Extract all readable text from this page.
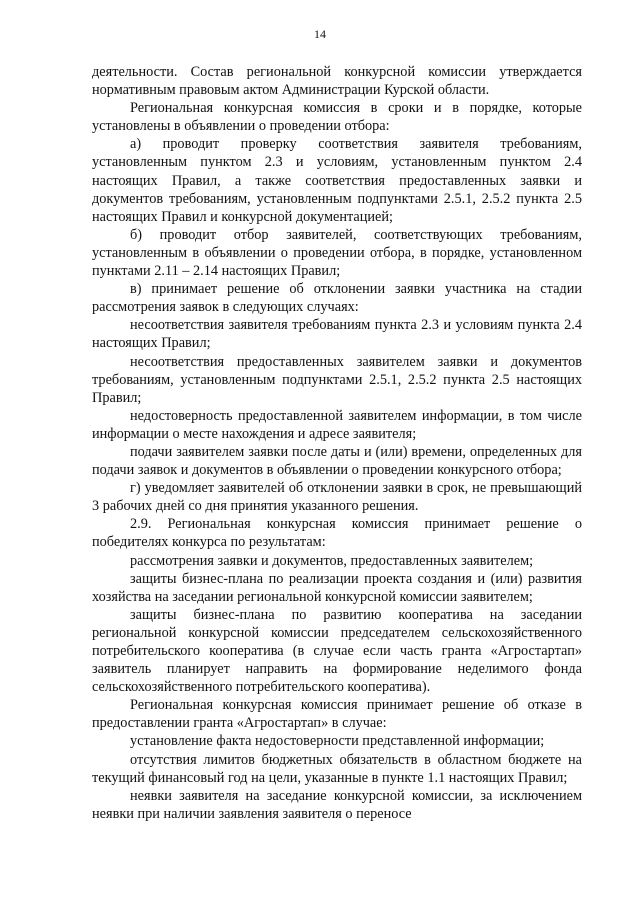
14

деятельности. Состав региональной конкурсной комиссии утверждается нормативным правовым актом Администрации Курской области.

Региональная конкурсная комиссия в сроки и в порядке, которые установлены в объявлении о проведении отбора:

а) проводит проверку соответствия заявителя требованиям, установленным пунктом 2.3 и условиям, установленным пунктом 2.4 настоящих Правил, а также соответствия предоставленных заявки и документов требованиям, установленным подпунктами 2.5.1, 2.5.2 пункта 2.5 настоящих Правил и конкурсной документацией;

б) проводит отбор заявителей, соответствующих требованиям, установленным в объявлении о проведении отбора, в порядке, установленном пунктами 2.11 – 2.14 настоящих Правил;

в) принимает решение об отклонении заявки участника на стадии рассмотрения заявок в следующих случаях:

несоответствия заявителя требованиям пункта 2.3 и условиям пункта 2.4 настоящих Правил;

несоответствия предоставленных заявителем заявки и документов требованиям, установленным подпунктами 2.5.1, 2.5.2 пункта 2.5 настоящих Правил;

недостоверность предоставленной заявителем информации, в том числе информации о месте нахождения и адресе заявителя;

подачи заявителем заявки после даты и (или) времени, определенных для подачи заявок и документов в объявлении о проведении конкурсного отбора;

г) уведомляет заявителей об отклонении заявки в срок, не превышающий 3 рабочих дней со дня принятия указанного решения.

2.9. Региональная конкурсная комиссия принимает решение о победителях конкурса по результатам:

рассмотрения заявки и документов, предоставленных заявителем;

защиты бизнес-плана по реализации проекта создания и (или) развития хозяйства на заседании региональной конкурсной комиссии заявителем;

защиты бизнес-плана по развитию кооператива на заседании региональной конкурсной комиссии председателем сельскохозяйственного потребительского кооператива (в случае если часть гранта «Агростартап» заявитель планирует направить на формирование неделимого фонда сельскохозяйственного потребительского кооператива).

Региональная конкурсная комиссия принимает решение об отказе в предоставлении гранта «Агростартап» в случае:

установление факта недостоверности представленной информации;

отсутствия лимитов бюджетных обязательств в областном бюджете на текущий финансовый год на цели, указанные в пункте 1.1 настоящих Правил;

неявки заявителя на заседание конкурсной комиссии, за исключением неявки при наличии заявления заявителя о переносе
